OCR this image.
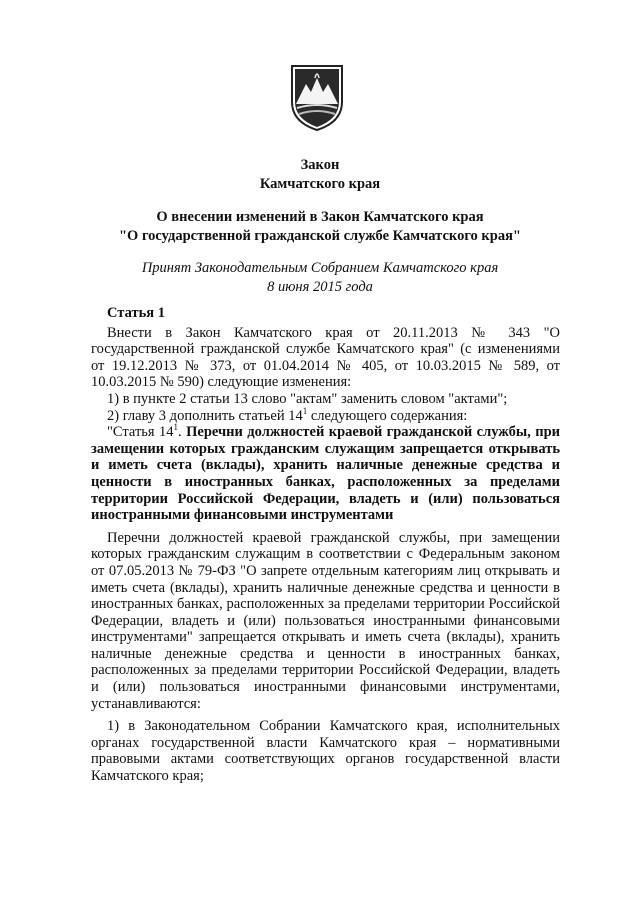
Закон
Камчатского края
О внесении изменений в Закон Камчатского края
"О государственной гражданской службе Камчатского края"
Принят Законодательным Собранием Камчатского края
8 июня 2015 года
Статья 1

Внести в Закон Камчатского края от 20.11.2013 № 343 "О государственной гражданской службе Камчатского края" (с изменениями от 19.12.2013 № 373, от 01.04.2014 № 405, от 10.03.2015 № 589, от 10.03.2015 № 590) следующие изменения:

1) в пункте 2 статьи 13 слово "актам" заменить словом "актами";

2) главу 3 дополнить статьей $14^1$ следующего содержания:

"Статья $14^1$. Перечни должностей краевой гражданской службы, при замещении которых гражданским служащим запрещается открывать и иметь счета (вклады), хранить наличные денежные средства и ценности в иностранных банках, расположенных за пределами территории Российской Федерации, владеть и (или) пользоваться иностранными финансовыми инструментами

Перечни должностей краевой гражданской службы, при замещении которых гражданским служащим в соответствии с Федеральным законом от 07.05.2013 № 79-ФЗ "О запрете отдельным категориям лиц открывать и иметь счета (вклады), хранить наличные денежные средства и ценности в иностранных банках, расположенных за пределами территории Российской Федерации, владеть и (или) пользоваться иностранными финансовыми инструментами" запрещается открывать и иметь счета (вклады), хранить наличные денежные средства и ценности в иностранных банках, расположенных за пределами территории Российской Федерации, владеть и (или) пользоваться иностранными финансовыми инструментами, устанавливаются:

1) в Законодательном Собрании Камчатского края, исполнительных органах государственной власти Камчатского края – нормативными правовыми актами соответствующих органов государственной власти Камчатского края;
